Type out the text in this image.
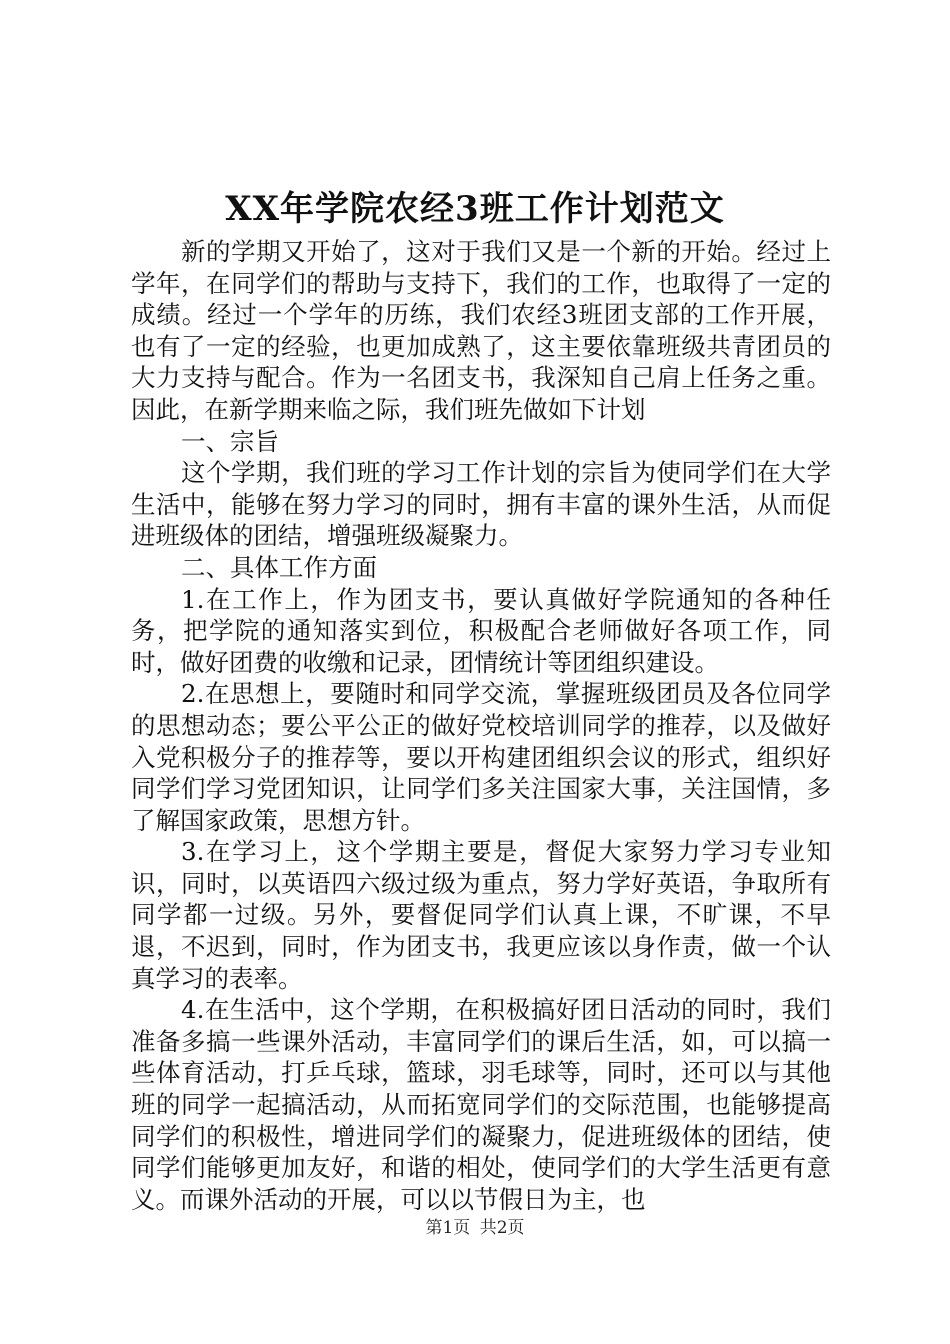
XX年学院农经3班工作计划范文

新的学期又开始了，这对于我们又是一个新的开始。经过上学年，在同学们的帮助与支持下，我们的工作，也取得了一定的成绩。经过一个学年的历练，我们农经3班团支部的工作开展，也有了一定的经验，也更加成熟了，这主要依靠班级共青团员的大力支持与配合。作为一名团支书，我深知自己肩上任务之重。因此，在新学期来临之际，我们班先做如下计划

一、宗旨

这个学期，我们班的学习工作计划的宗旨为使同学们在大学生活中，能够在努力学习的同时，拥有丰富的课外生活，从而促进班级体的团结，增强班级凝聚力。

二、具体工作方面

1.在工作上，作为团支书，要认真做好学院通知的各种任务，把学院的通知落实到位，积极配合老师做好各项工作，同时，做好团费的收缴和记录，团情统计等团组织建设。

2.在思想上，要随时和同学交流，掌握班级团员及各位同学的思想动态；要公平公正的做好党校培训同学的推荐，以及做好入党积极分子的推荐等，要以开构建团组织会议的形式，组织好同学们学习党团知识，让同学们多关注国家大事，关注国情，多了解国家政策，思想方针。

3.在学习上，这个学期主要是，督促大家努力学习专业知识，同时，以英语四六级过级为重点，努力学好英语，争取所有同学都一过级。另外，要督促同学们认真上课，不旷课，不早退，不迟到，同时，作为团支书，我更应该以身作责，做一个认真学习的表率。

4.在生活中，这个学期，在积极搞好团日活动的同时，我们准备多搞一些课外活动，丰富同学们的课后生活，如，可以搞一些体育活动，打乒乓球，篮球，羽毛球等，同时，还可以与其他班的同学一起搞活动，从而拓宽同学们的交际范围，也能够提高同学们的积极性，增进同学们的凝聚力，促进班级体的团结，使同学们能够更加友好，和谐的相处，使同学们的大学生活更有意义。而课外活动的开展，可以以节假日为主，也

第1页 共2页
